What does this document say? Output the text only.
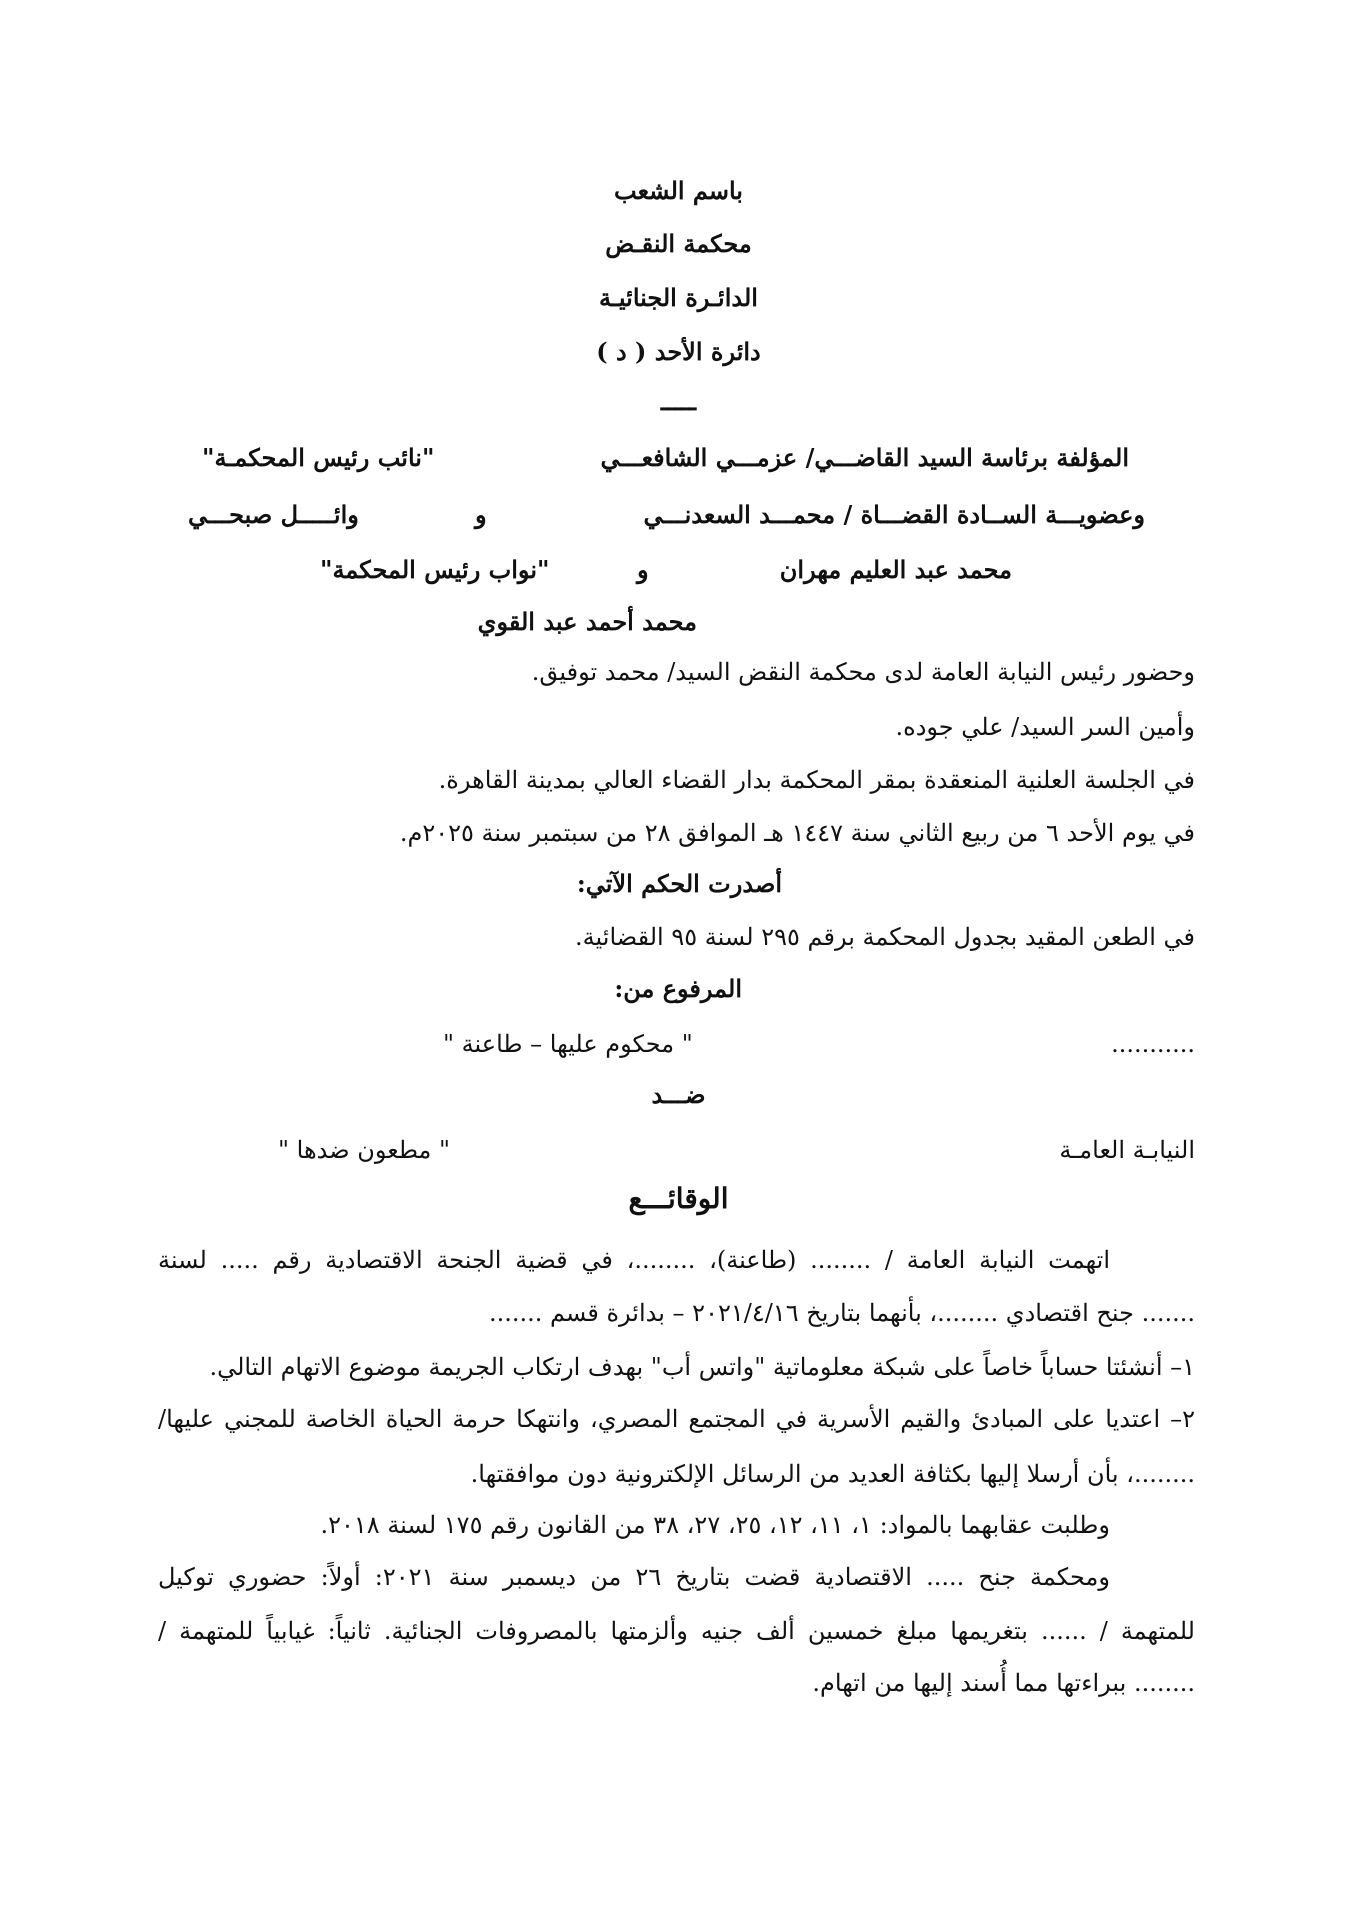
باسم الشعب

محكمة النقـض

الدائـرة الجنائيـة

دائرة الأحد ( د )

ـــــ

المؤلفة برئاسة السيد القاضـــي/ عزمـــي الشافعـــي

"نائب رئيس المحكمـة"

وعضويـــة الســادة القضـــاة / محمـــد السعدنـــي

و

وائـــــل صبحـــي

محمد عبد العليم مهران

و

"نواب رئيس المحكمة"

محمد أحمد عبد القوي

وحضور رئيس النيابة العامة لدى محكمة النقض السيد/ محمد توفيق.

وأمين السر السيد/ علي جوده.

في الجلسة العلنية المنعقدة بمقر المحكمة بدار القضاء العالي بمدينة القاهرة.

في يوم الأحد ٦ من ربيع الثاني سنة ١٤٤٧ هـ الموافق ٢٨ من سبتمبر سنة ٢٠٢٥م.

أصدرت الحكم الآتي:

في الطعن المقيد بجدول المحكمة برقم ٢٩٥ لسنة ٩٥ القضائية.

المرفوع من:

...........

" محكوم عليها – طاعنة "

ضـــد

النيابـة العامـة

" مطعون ضدها "

الوقائـــع

اتهمت النيابة العامة / ........ (طاعنة)، ........، في قضية الجنحة الاقتصادية رقم ..... لسنة

....... جنح اقتصادي ........، بأنهما بتاريخ ٢٠٢١/٤/١٦ – بدائرة قسم .......

١– أنشئتا حساباً خاصاً على شبكة معلوماتية "واتس أب" بهدف ارتكاب الجريمة موضوع الاتهام التالي.

٢– اعتديا على المبادئ والقيم الأسرية في المجتمع المصري، وانتهكا حرمة الحياة الخاصة للمجني عليها/

........، بأن أرسلا إليها بكثافة العديد من الرسائل الإلكترونية دون موافقتها.

وطلبت عقابهما بالمواد: ١، ١١، ١٢، ٢٥، ٢٧، ٣٨ من القانون رقم ١٧٥ لسنة ٢٠١٨.

ومحكمة جنح ..... الاقتصادية قضت بتاريخ ٢٦ من ديسمبر سنة ٢٠٢١: أولاً: حضوري توكيل

للمتهمة / ...... بتغريمها مبلغ خمسين ألف جنيه وألزمتها بالمصروفات الجنائية. ثانياً: غيابياً للمتهمة /

........ ببراءتها مما أُسند إليها من اتهام.
